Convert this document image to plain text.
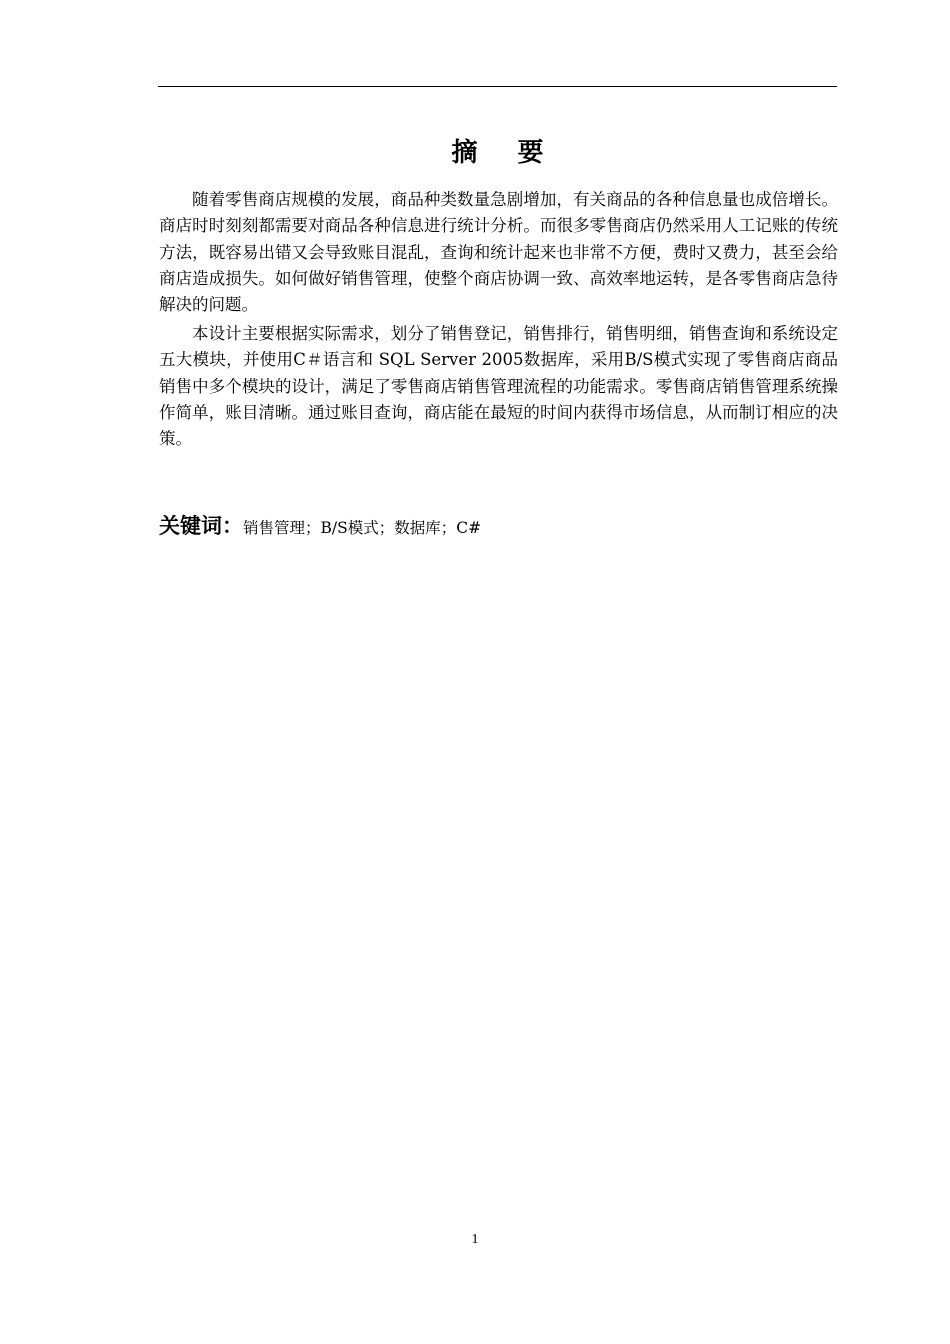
摘要

随着零售商店规模的发展，商品种类数量急剧增加，有关商品的各种信息量也成倍增长。商店时时刻刻都需要对商品各种信息进行统计分析。而很多零售商店仍然采用人工记账的传统方法，既容易出错又会导致账目混乱，查询和统计起来也非常不方便，费时又费力，甚至会给商店造成损失。如何做好销售管理，使整个商店协调一致、高效率地运转，是各零售商店急待解决的问题。

本设计主要根据实际需求，划分了销售登记，销售排行，销售明细，销售查询和系统设定五大模块，并使用C＃语言和 SQL Server 2005数据库，采用B/S模式实现了零售商店商品销售中多个模块的设计，满足了零售商店销售管理流程的功能需求。零售商店销售管理系统操作简单，账目清晰。通过账目查询，商店能在最短的时间内获得市场信息，从而制订相应的决策。

关键词：销售管理；B/S模式；数据库；C#
1
